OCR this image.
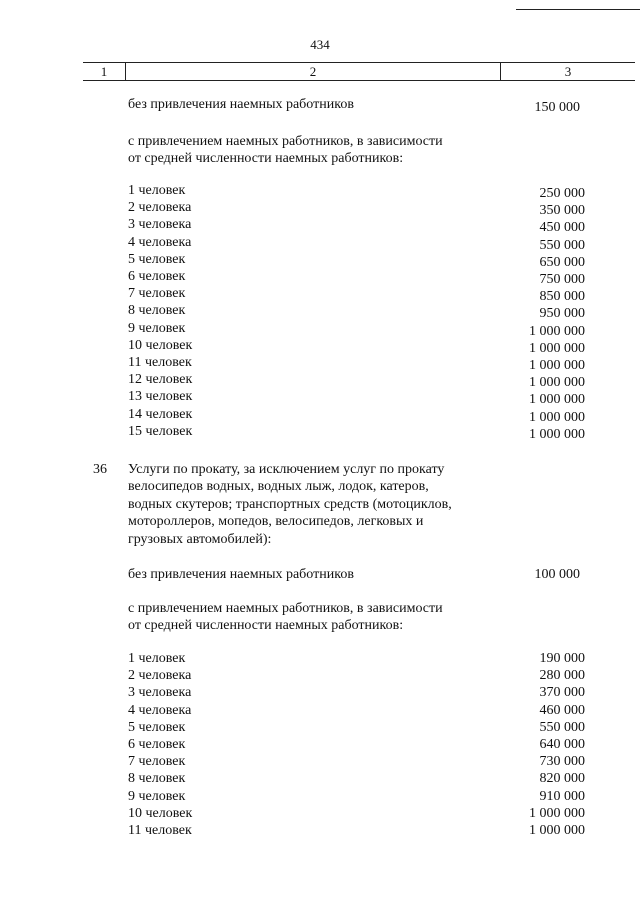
434
1	2	3
без привлечения наемных работников	150 000
с привлечением наемных работников, в зависимости
от средней численности наемных работников:
1 человек	250 000
2 человека	350 000
3 человека	450 000
4 человека	550 000
5 человек	650 000
6 человек	750 000
7 человек	850 000
8 человек	950 000
9 человек	1 000 000
10 человек	1 000 000
11 человек	1 000 000
12 человек	1 000 000
13 человек	1 000 000
14 человек	1 000 000
15 человек	1 000 000
36 Услуги по прокату, за исключением услуг по прокату
велосипедов водных, водных лыж, лодок, катеров,
водных скутеров; транспортных средств (мотоциклов,
мотороллеров, мопедов, велосипедов, легковых и
грузовых автомобилей):
без привлечения наемных работников	100 000
с привлечением наемных работников, в зависимости
от средней численности наемных работников:
1 человек	190 000
2 человека	280 000
3 человека	370 000
4 человека	460 000
5 человек	550 000
6 человек	640 000
7 человек	730 000
8 человек	820 000
9 человек	910 000
10 человек	1 000 000
11 человек	1 000 000
